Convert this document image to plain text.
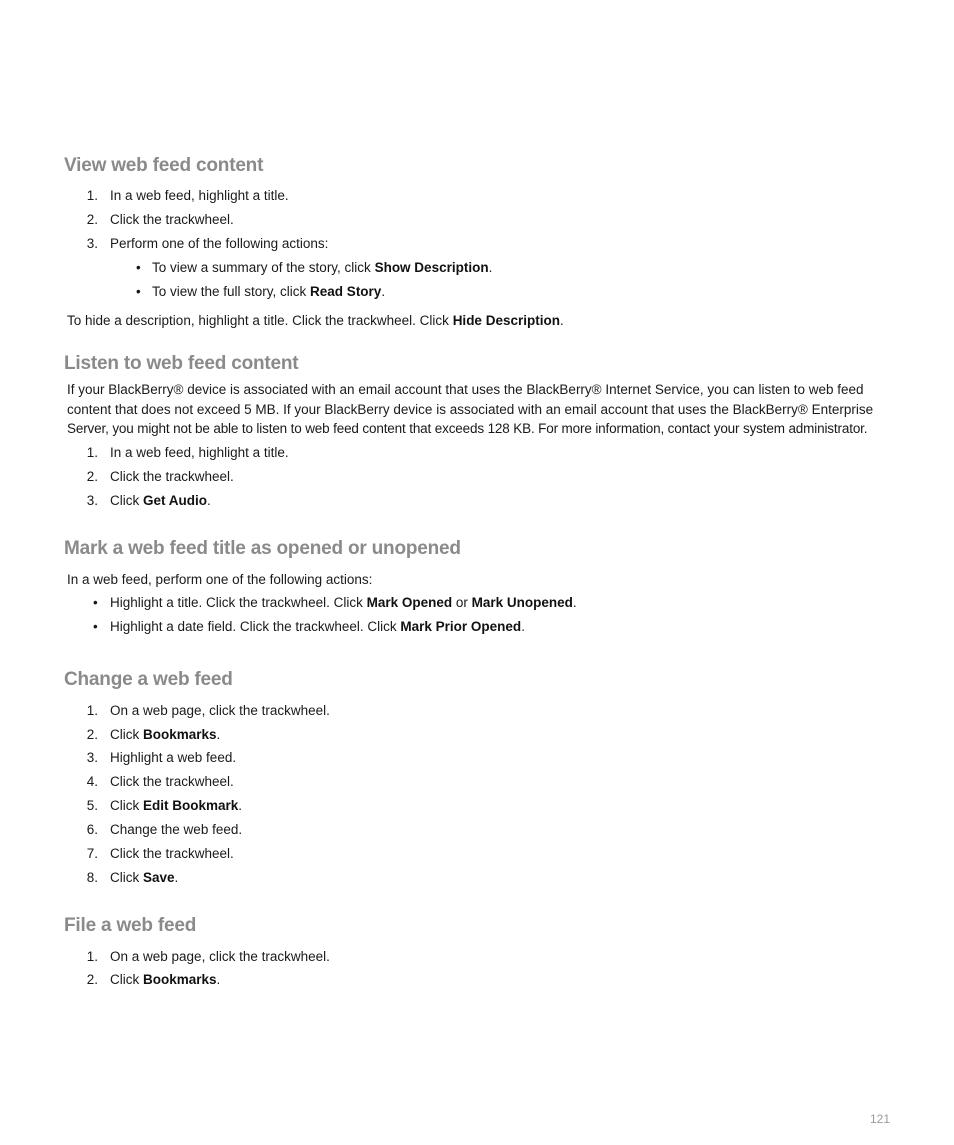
View web feed content
1. In a web feed, highlight a title.
2. Click the trackwheel.
3. Perform one of the following actions:
• To view a summary of the story, click Show Description.
• To view the full story, click Read Story.
To hide a description, highlight a title. Click the trackwheel. Click Hide Description.
Listen to web feed content
If your BlackBerry® device is associated with an email account that uses the BlackBerry® Internet Service, you can listen to web feed
content that does not exceed 5 MB. If your BlackBerry device is associated with an email account that uses the BlackBerry® Enterprise
Server, you might not be able to listen to web feed content that exceeds 128 KB. For more information, contact your system administrator.
1. In a web feed, highlight a title.
2. Click the trackwheel.
3. Click Get Audio.
Mark a web feed title as opened or unopened
In a web feed, perform one of the following actions:
• Highlight a title. Click the trackwheel. Click Mark Opened or Mark Unopened.
• Highlight a date field. Click the trackwheel. Click Mark Prior Opened.
Change a web feed
1. On a web page, click the trackwheel.
2. Click Bookmarks.
3. Highlight a web feed.
4. Click the trackwheel.
5. Click Edit Bookmark.
6. Change the web feed.
7. Click the trackwheel.
8. Click Save.
File a web feed
1. On a web page, click the trackwheel.
2. Click Bookmarks.
121
